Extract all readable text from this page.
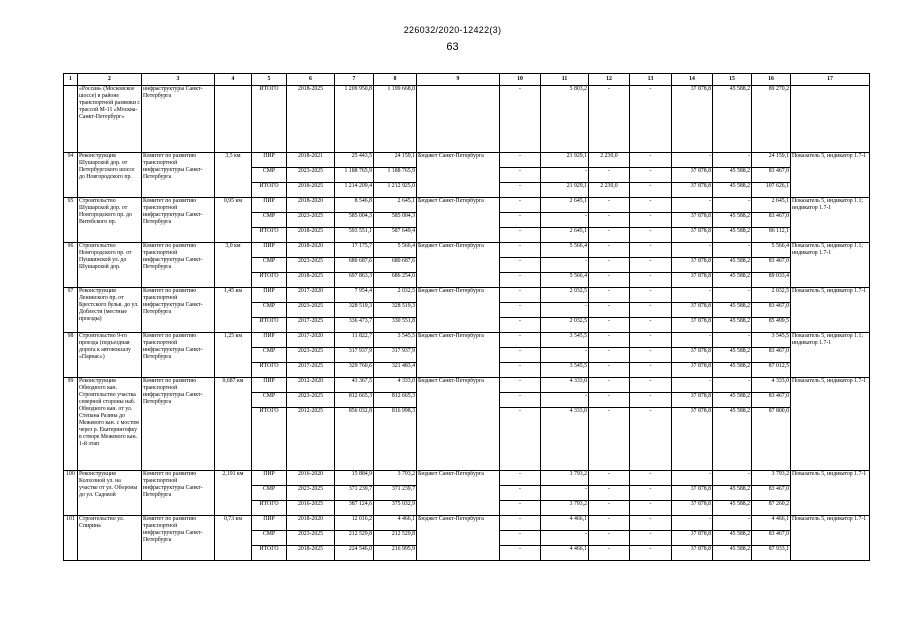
226032/2020-12422(3)
63
1	2	3	4	5	6	7	8	9	10	11	12	13	14	15	16	17
	«Россия» (Московское шоссе) в районе транспортной развязки с трассой М-11 «Москва-Санкт-Петербург»	инфраструктуры Санкт-Петербурга		ИТОГО	2018-2025	1 209 950,8	1 199 668,0		-	5 803,2	-	-	37 878,8	45 588,2	89 270,2	
94	Реконструкция Шушарской дор. от Петербургского шоссе до Новгородского пр.	Комитет по развитию транспортной инфраструктуры Санкт-Петербурга	3,5 км	ПИР	2018-2021	25 443,5	24 159,1	Бюджет Санкт-Петербурга	-	21 929,1	2 230,0	-	-	-	24 159,1	Показатель 5, индикатор 1.7-1
				СМР	2023-2025	1 188 765,9	1 188 765,9		-	-	-	-	37 878,8	45 588,2	83 467,0	
				ИТОГО	2018-2025	1 214 209,4	1 212 925,0		-	21 929,1	2 230,0	-	37 878,8	45 588,2	107 626,1	
95	Строительство Шушарской дор. от Новгородского пр. до Витебского пр.	Комитет по развитию транспортной инфраструктуры Санкт-Петербурга	0,95 км	ПИР	2018-2020	8 546,8	2 645,1	Бюджет Санкт-Петербурга	-	2 645,1	-	-	-	-	2 645,1	Показатель 5, индикатор 1.1; индикатор 1.7-1
				СМР	2023-2025	585 004,3	585 004,3		-	-	-	-	37 878,8	45 588,2	83 467,0	
				ИТОГО	2018-2025	593 551,1	587 649,4		-	2 645,1	-	-	37 878,8	45 588,2	86 112,1	
96	Строительство Новгородского пр. от Пушкинской ул. до Шушарской дор.	Комитет по развитию транспортной инфраструктуры Санкт-Петербурга	3,0 км	ПИР	2018-2020	17 175,7	5 566,4	Бюджет Санкт-Петербурга	-	5 566,4	-	-	-	-	5 566,4	Показатель 5, индикатор 1.1; индикатор 1.7-1
				СМР	2023-2025	680 687,6	680 687,6		-	-	-	-	37 878,8	45 588,2	83 467,0	
				ИТОГО	2018-2025	697 863,3	686 254,0		-	5 566,4	-	-	37 878,8	45 588,2	89 033,4	
97	Реконструкция Ленинского пр. от Брестского бульв. до ул. Доблести (местные проезды)	Комитет по развитию транспортной инфраструктуры Санкт-Петербурга	1,45 км	ПИР	2017-2020	7 954,4	2 032,5	Бюджет Санкт-Петербурга	-	2 032,5	-	-	-	-	2 032,5	Показатель 5, индикатор 1.7-1
				СМР	2023-2025	328 519,3	328 519,3		-	-	-	-	37 878,8	45 588,2	83 467,0	
				ИТОГО	2017-2025	336 473,7	330 551,8		-	2 032,5	-	-	37 878,8	45 588,2	85 499,5	
98	Строительство 9-го проезда (подъездная дорога к автовокзалу «Парнас»)	Комитет по развитию транспортной инфраструктуры Санкт-Петербурга	1,25 км	ПИР	2017-2020	11 822,7	3 545,5	Бюджет Санкт-Петербурга	-	3 545,5	-	-	-	-	3 545,5	Показатель 5, индикатор 1.1; индикатор 1.7-1
				СМР	2023-2025	317 937,9	317 937,9		-	-	-	-	37 878,8	45 588,2	83 467,0	
				ИТОГО	2017-2025	329 760,6	321 483,4		-	3 545,5	-	-	37 878,8	45 588,2	87 012,5	
99	Реконструкция Обводного кан. Строительство участка северной стороны наб. Обводного кан. от ул. Степана Разина до Межевого кан. с мостом через р. Екатерингофку в створе Межевого кан. 1-й этап	Комитет по развитию транспортной инфраструктуры Санкт-Петербурга	0,687 км	ПИР	2012-2020	43 367,5	4 333,0	Бюджет Санкт-Петербурга	-	4 333,0	-	-	-	-	4 333,0	Показатель 5, индикатор 1.7-1
				СМР	2023-2025	812 665,3	812 665,3		-	-	-	-	37 878,8	45 588,2	83 467,0	
				ИТОГО	2012-2025	856 032,8	816 998,3		-	4 333,0	-	-	37 878,8	45 588,2	87 800,0	
100	Реконструкция Колхозной ул. на участке от ул. Обороны до ул. Садовой	Комитет по развитию транспортной инфраструктуры Санкт-Петербурга	2,191 км	ПИР	2016-2020	15 884,9	3 793,2	Бюджет Санкт-Петербурга	-	3 793,2	-	-	-	-	3 793,2	Показатель 5, индикатор 1.7-1
				СМР	2023-2025	371 239,7	371 239,7		-	-	-	-	37 878,8	45 588,2	83 467,0	
				ИТОГО	2016-2025	387 124,6	375 032,9		-	3 793,2	-	-	37 878,8	45 588,2	87 260,2	
101	Строительство ул. Спирина	Комитет по развитию транспортной инфраструктуры Санкт-Петербурга	0,73 км	ПИР	2018-2020	12 016,2	4 466,1	Бюджет Санкт-Петербурга	-	4 466,1	-	-	-	-	4 466,1	Показатель 5, индикатор 1.7-1
				СМР	2023-2025	212 529,8	212 529,8		-	-	-	-	37 878,8	45 588,2	83 467,0	
				ИТОГО	2018-2025	224 546,0	216 995,9		-	4 466,1	-	-	37 878,8	45 588,2	87 933,1	
